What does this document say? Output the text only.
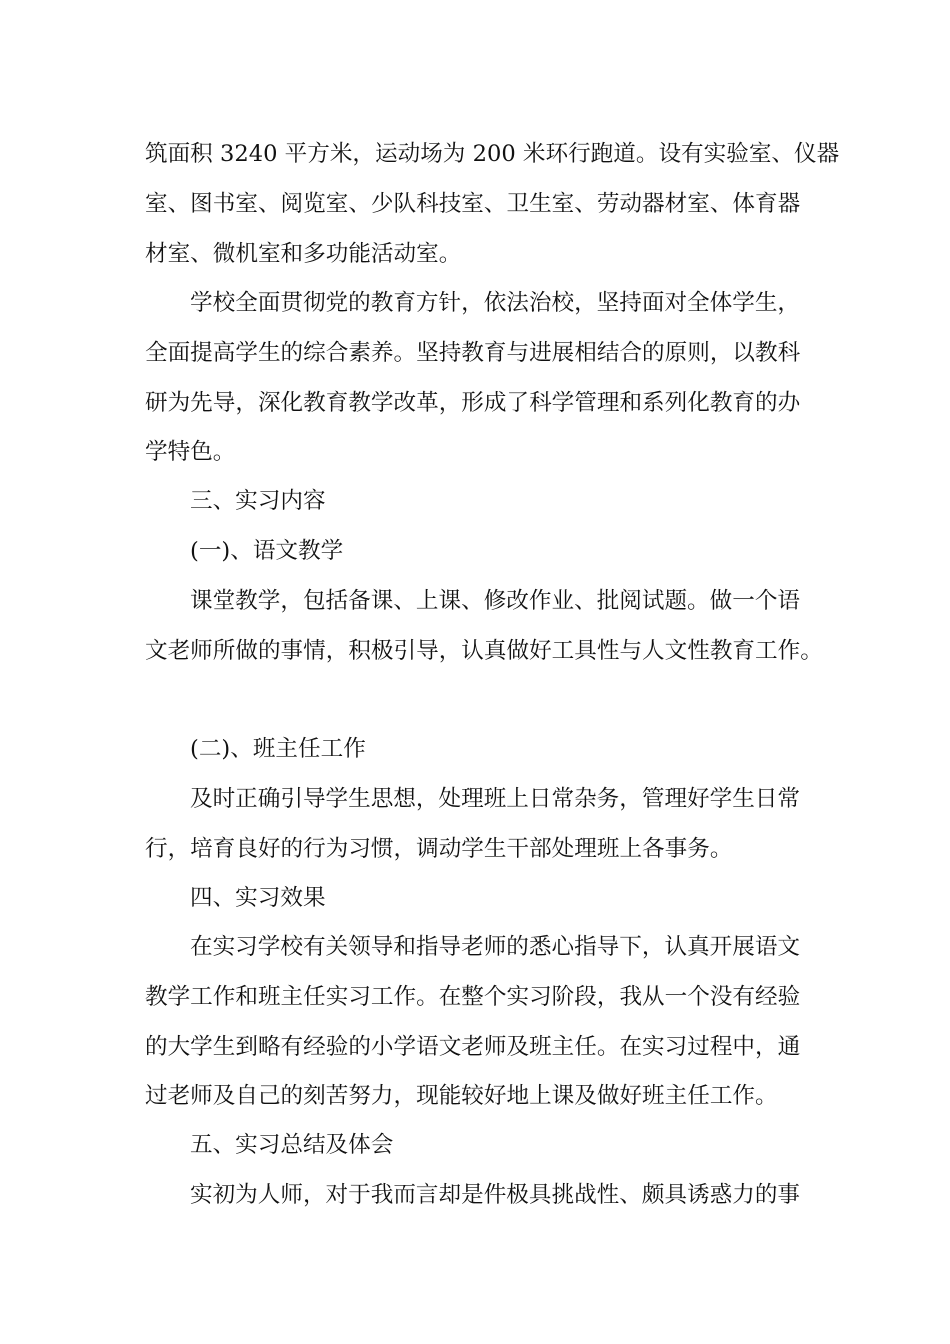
筑面积 3240 平方米，运动场为 200 米环行跑道。设有实验室、仪器
室、图书室、阅览室、少队科技室、卫生室、劳动器材室、体育器
材室、微机室和多功能活动室。
学校全面贯彻党的教育方针，依法治校，坚持面对全体学生，
全面提高学生的综合素养。坚持教育与进展相结合的原则，以教科
研为先导，深化教育教学改革，形成了科学管理和系列化教育的办
学特色。
三、实习内容
(一)、语文教学
课堂教学，包括备课、上课、修改作业、批阅试题。做一个语
文老师所做的事情，积极引导，认真做好工具性与人文性教育工作。
(二)、班主任工作
及时正确引导学生思想，处理班上日常杂务，管理好学生日常
行，培育良好的行为习惯，调动学生干部处理班上各事务。
四、实习效果
在实习学校有关领导和指导老师的悉心指导下，认真开展语文
教学工作和班主任实习工作。在整个实习阶段，我从一个没有经验
的大学生到略有经验的小学语文老师及班主任。在实习过程中，通
过老师及自己的刻苦努力，现能较好地上课及做好班主任工作。
五、实习总结及体会
实初为人师，对于我而言却是件极具挑战性、颇具诱惑力的事
